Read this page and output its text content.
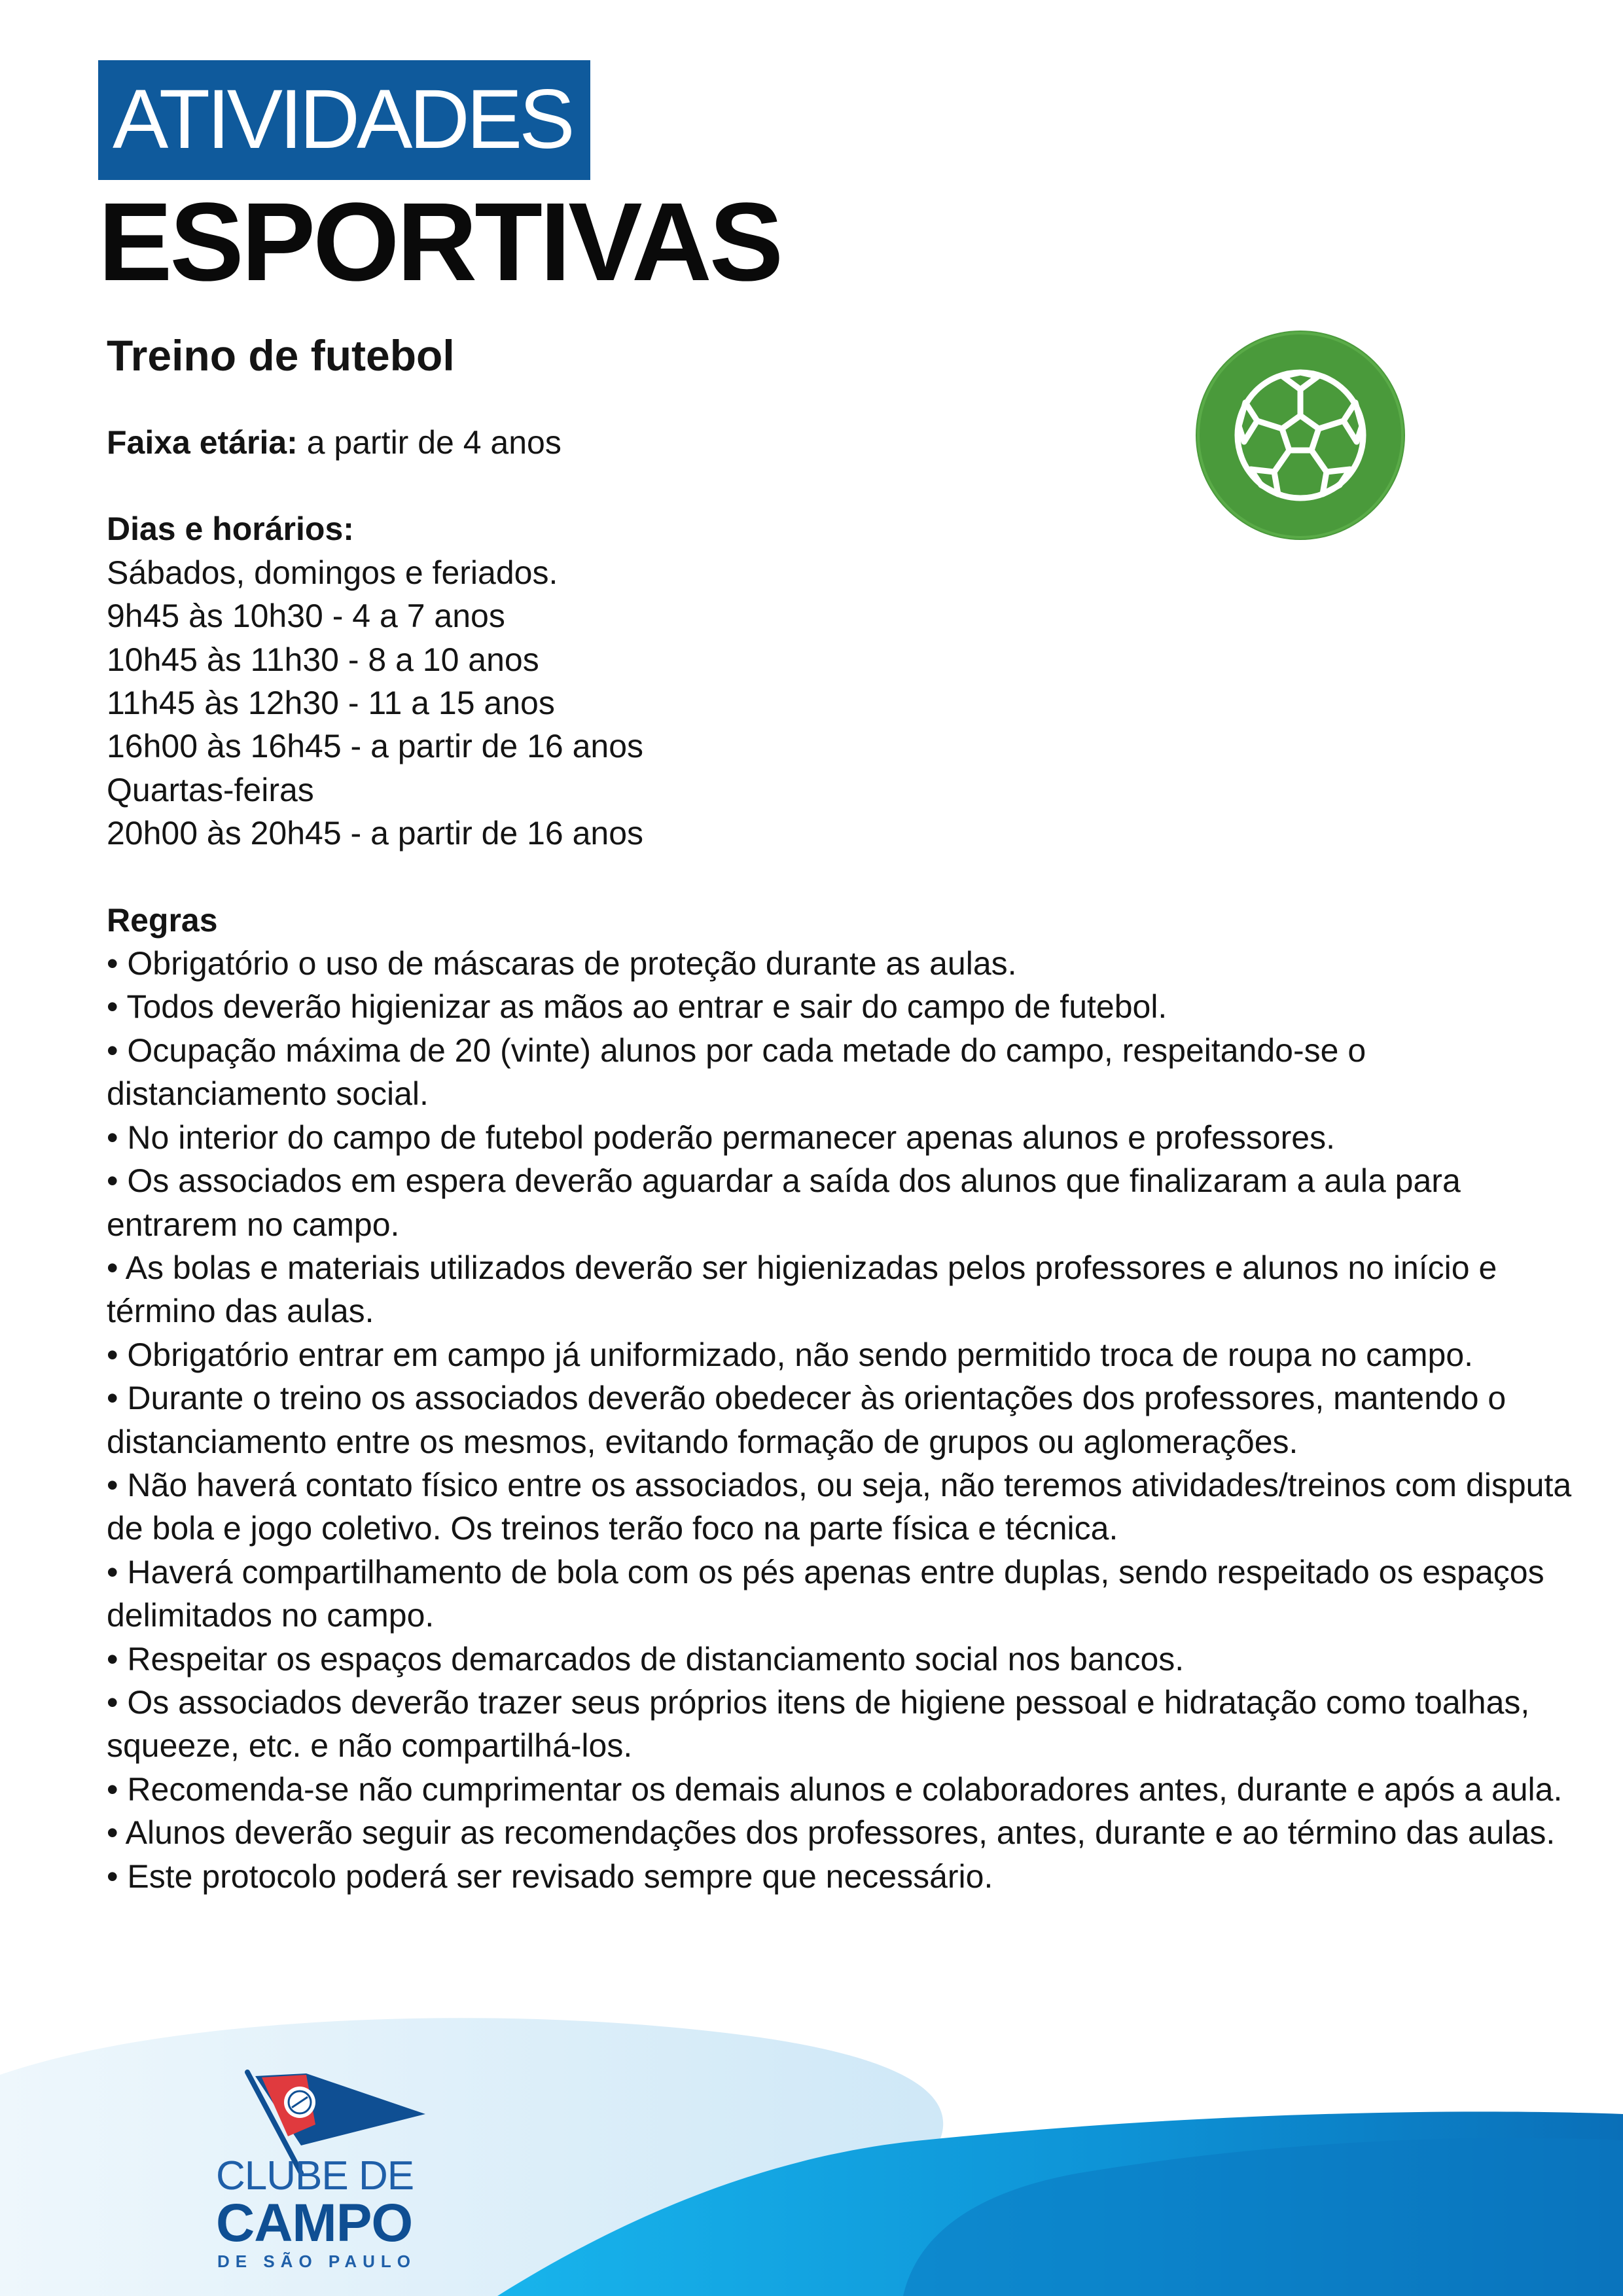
ATIVIDADES
ESPORTIVAS

Treino de futebol

Faixa etária: a partir de 4 anos
Dias e horários:
Sábados, domingos e feriados.
9h45 às 10h30 - 4 a 7 anos
10h45 às 11h30 - 8 a 10 anos
11h45 às 12h30 - 11 a 15 anos
16h00 às 16h45 - a partir de 16 anos
Quartas-feiras
20h00 às 20h45 - a partir de 16 anos
Regras

• Obrigatório o uso de máscaras de proteção durante as aulas.

• Todos deverão higienizar as mãos ao entrar e sair do campo de futebol.

• Ocupação máxima de 20 (vinte) alunos por cada metade do campo, respeitando-se o distanciamento social.

• No interior do campo de futebol poderão permanecer apenas alunos e professores.

• Os associados em espera deverão aguardar a saída dos alunos que finalizaram a aula para entrarem no campo.

• As bolas e materiais utilizados deverão ser higienizadas pelos professores e alunos no início e término das aulas.

• Obrigatório entrar em campo já uniformizado, não sendo permitido troca de roupa no campo.

• Durante o treino os associados deverão obedecer às orientações dos professores, mantendo o distanciamento entre os mesmos, evitando formação de grupos ou aglomerações.

• Não haverá contato físico entre os associados, ou seja, não teremos atividades/treinos com disputa de bola e jogo coletivo. Os treinos terão foco na parte física e técnica.

• Haverá compartilhamento de bola com os pés apenas entre duplas, sendo respeitado os espaços delimitados no campo.

• Respeitar os espaços demarcados de distanciamento social nos bancos.

• Os associados deverão trazer seus próprios itens de higiene pessoal e hidratação como toalhas, squeeze, etc. e não compartilhá-los.

• Recomenda-se não cumprimentar os demais alunos e colaboradores antes, durante e após a aula.

• Alunos deverão seguir as recomendações dos professores, antes, durante e ao término das aulas.

• Este protocolo poderá ser revisado sempre que necessário.

CLUBE DE
CAMPO
DE SÃO PAULO
